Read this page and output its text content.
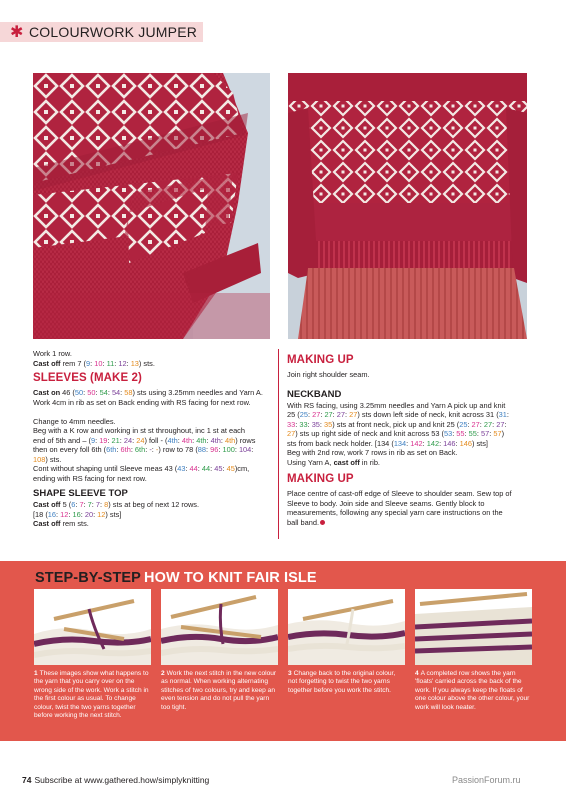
✱ COLOURWORK JUMPER

Work 1 row.

Cast off rem 7 (9: 10: 11: 12: 13) sts.

SLEEVES (MAKE 2)

Cast on 46 (50: 50: 54: 54: 58) sts using 3.25mm needles and Yarn A.

Work 4cm in rib as set on Back ending with RS facing for next row.

Change to 4mm needles.

Beg with a K row and working in st st throughout, inc 1 st at each

end of 5th and – (9: 19: 21: 24: 24) foll - (4th: 4th: 4th: 4th: 4th) rows

then on every foll 6th (6th: 6th: 6th: -: -) row to 78 (88: 96: 100: 104:

108) sts.

Cont without shaping until Sleeve meas 43 (43: 44: 44: 45: 45)cm,

ending with RS facing for next row.

SHAPE SLEEVE TOP

Cast off 5 (6: 7: 7: 7: 8) sts at beg of next 12 rows.

[18 (16: 12: 16: 20: 12) sts]

Cast off rem sts.

MAKING UP

Join right shoulder seam.

NECKBAND

With RS facing, using 3.25mm needles and Yarn A pick up and knit

25 (25: 27: 27: 27: 27) sts down left side of neck, knit across 31 (31:

33: 33: 35: 35) sts at front neck, pick up and knit 25 (25: 27: 27: 27:

27) sts up right side of neck and knit across 53 (53: 55: 55: 57: 57)

sts from back neck holder. [134 (134: 142: 142: 146: 146) sts]

Beg with 2nd row, work 7 rows in rib as set on Back.

Using Yarn A, cast off in rib.

MAKING UP

Place centre of cast-off edge of Sleeve to shoulder seam. Sew top of

Sleeve to body. Join side and Sleeve seams. Gently block to

measurements, following any special yarn care instructions on the

ball band.

STEP-BY-STEP HOW TO KNIT FAIR ISLE
1 These images show what happens to the yarn that you carry over on the wrong side of the work. Work a stitch in the first colour as usual. To change colour, twist the two yarns together before working the next stitch.
2 Work the next stitch in the new colour as normal. When working alternating stitches of two colours, try and keep an even tension and do not pull the yarn too tight.
3 Change back to the original colour, not forgetting to twist the two yarns together before you work the stitch.
4 A completed row shows the yarn 'floats' carried across the back of the work. If you always keep the floats of one colour above the other colour, your work will look neater.
74 Subscribe at www.gathered.how/simplyknitting	PassionForum.ru
